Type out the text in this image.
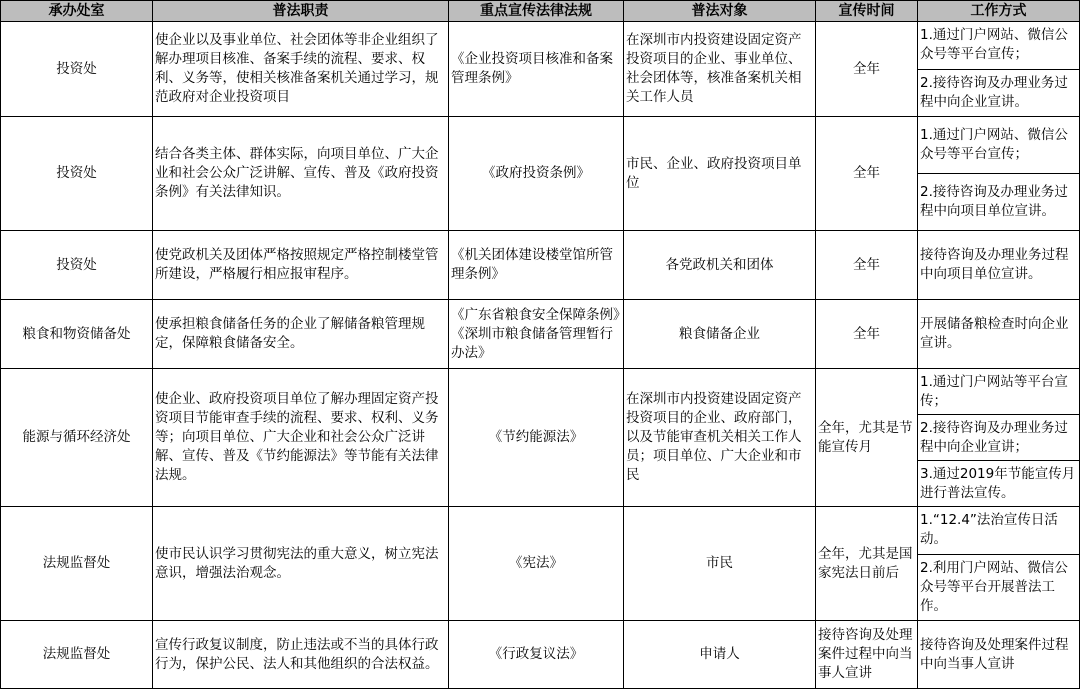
承办处室	普法职责	重点宣传法律法规	普法对象	宣传时间	工作方式
投资处	使企业以及事业单位、社会团体等非企业组织了解办理项目核准、备案手续的流程、要求、权利、义务等，使相关核准备案机关通过学习，规范政府对企业投资项目	《企业投资项目核准和备案管理条例》	在深圳市内投资建设固定资产投资项目的企业、事业单位、社会团体等，核准备案机关相关工作人员	全年	1.通过门户网站、微信公众号等平台宣传；
2.接待咨询及办理业务过程中向企业宣讲。

投资处	结合各类主体、群体实际，向项目单位、广大企业和社会公众广泛讲解、宣传、普及《政府投资条例》有关法律知识。	《政府投资条例》	市民、企业、政府投资项目单位	全年	1.通过门户网站、微信公众号等平台宣传；
2.接待咨询及办理业务过程中向项目单位宣讲。

投资处	使党政机关及团体严格按照规定严格控制楼堂管所建设，严格履行相应报审程序。	《机关团体建设楼堂馆所管理条例》	各党政机关和团体	全年	接待咨询及办理业务过程中向项目单位宣讲。

粮食和物资储备处	使承担粮食储备任务的企业了解储备粮管理规定，保障粮食储备安全。	《广东省粮食安全保障条例》《深圳市粮食储备管理暂行办法》	粮食储备企业	全年	开展储备粮检查时向企业宣讲。

能源与循环经济处	使企业、政府投资项目单位了解办理固定资产投资项目节能审查手续的流程、要求、权利、义务等；向项目单位、广大企业和社会公众广泛讲解、宣传、普及《节约能源法》等节能有关法律法规。	《节约能源法》	在深圳市内投资建设固定资产投资项目的企业、政府部门，以及节能审查机关相关工作人员；项目单位、广大企业和市民	全年，尤其是节能宣传月	1.通过门户网站等平台宣传；
2.接待咨询及办理业务过程中向企业宣讲；
3.通过2019年节能宣传月进行普法宣传。

法规监督处	使市民认识学习贯彻宪法的重大意义，树立宪法意识，增强法治观念。	《宪法》	市民	全年，尤其是国家宪法日前后	1.“12.4”法治宣传日活动。
2.利用门户网站、微信公众号等平台开展普法工作。

法规监督处	宣传行政复议制度，防止违法或不当的具体行政行为，保护公民、法人和其他组织的合法权益。	《行政复议法》	申请人	接待咨询及处理案件过程中向当事人宣讲	接待咨询及处理案件过程中向当事人宣讲
